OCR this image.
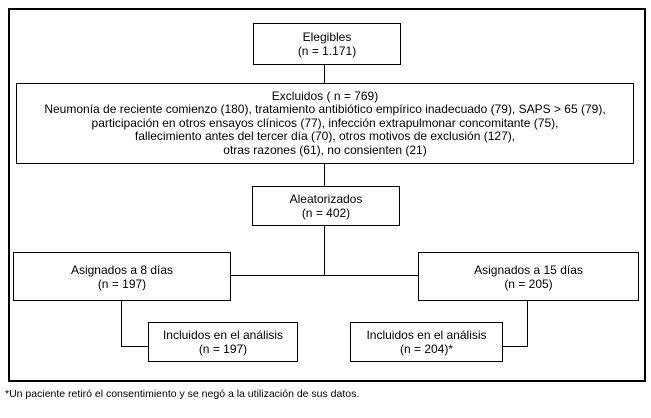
Elegibles
(n = 1.171)
Excluidos ( n = 769)
Neumonía de reciente comienzo (180), tratamiento antibiótico empírico inadecuado (79), SAPS > 65 (79),
participación en otros ensayos clínicos (77), infección extrapulmonar concomitante (75),
fallecimiento antes del tercer día (70), otros motivos de exclusión (127),
otras razones (61), no consienten (21)
Aleatorizados
(n = 402)
Asignados a 8 días
(n = 197)
Asignados a 15 días
(n = 205)
Incluidos en el análisis
(n = 197)
Incluidos en el análisis
(n = 204)*
*Un paciente retiró el consentimiento y se negó a la utilización de sus datos.
